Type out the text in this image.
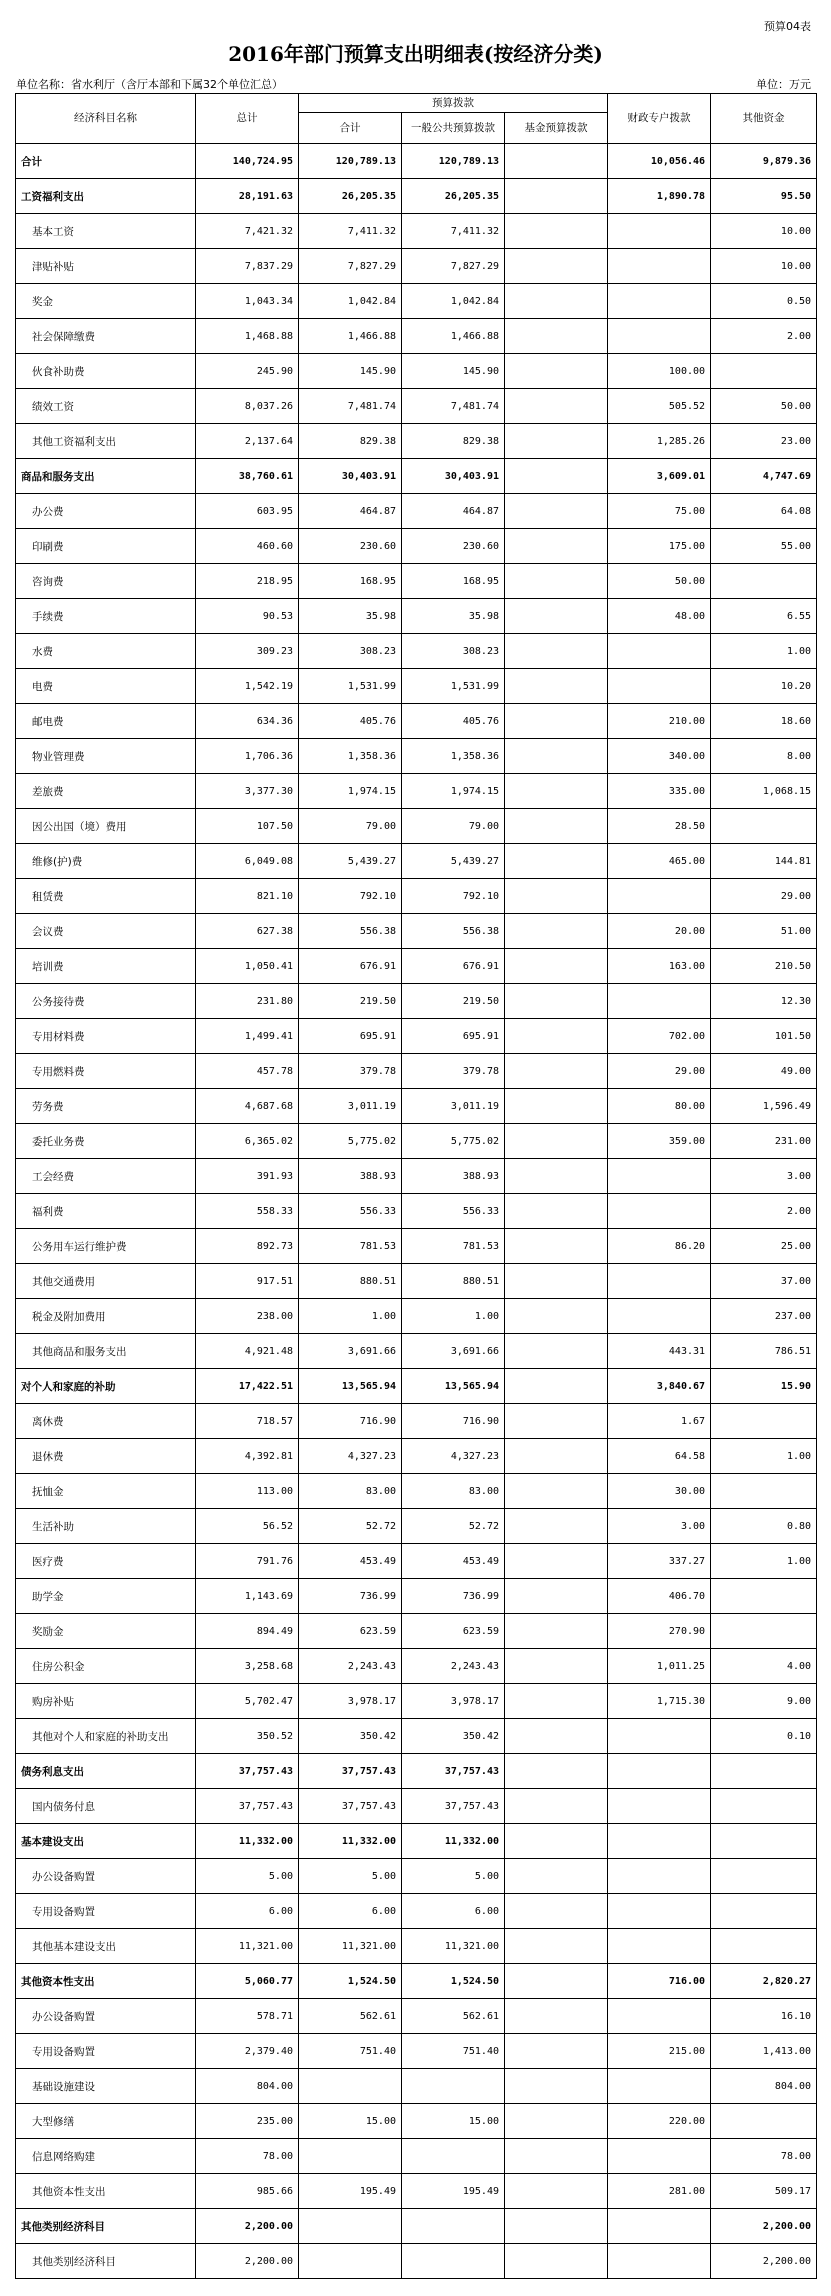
预算04表
2016年部门预算支出明细表(按经济分类)
单位名称：省水利厅（含厅本部和下属32个单位汇总）	单位：万元
经济科目名称	总计	预算拨款			财政专户拨款	其他资金
		合计	一般公共预算拨款	基金预算拨款		
合计	140,724.95	120,789.13	120,789.13		10,056.46	9,879.36
工资福利支出	28,191.63	26,205.35	26,205.35		1,890.78	95.50
基本工资	7,421.32	7,411.32	7,411.32			10.00
津贴补贴	7,837.29	7,827.29	7,827.29			10.00
奖金	1,043.34	1,042.84	1,042.84			0.50
社会保障缴费	1,468.88	1,466.88	1,466.88			2.00
伙食补助费	245.90	145.90	145.90		100.00	
绩效工资	8,037.26	7,481.74	7,481.74		505.52	50.00
其他工资福利支出	2,137.64	829.38	829.38		1,285.26	23.00
商品和服务支出	38,760.61	30,403.91	30,403.91		3,609.01	4,747.69
办公费	603.95	464.87	464.87		75.00	64.08
印刷费	460.60	230.60	230.60		175.00	55.00
咨询费	218.95	168.95	168.95		50.00	
手续费	90.53	35.98	35.98		48.00	6.55
水费	309.23	308.23	308.23			1.00
电费	1,542.19	1,531.99	1,531.99			10.20
邮电费	634.36	405.76	405.76		210.00	18.60
物业管理费	1,706.36	1,358.36	1,358.36		340.00	8.00
差旅费	3,377.30	1,974.15	1,974.15		335.00	1,068.15
因公出国（境）费用	107.50	79.00	79.00		28.50	
维修(护)费	6,049.08	5,439.27	5,439.27		465.00	144.81
租赁费	821.10	792.10	792.10			29.00
会议费	627.38	556.38	556.38		20.00	51.00
培训费	1,050.41	676.91	676.91		163.00	210.50
公务接待费	231.80	219.50	219.50			12.30
专用材料费	1,499.41	695.91	695.91		702.00	101.50
专用燃料费	457.78	379.78	379.78		29.00	49.00
劳务费	4,687.68	3,011.19	3,011.19		80.00	1,596.49
委托业务费	6,365.02	5,775.02	5,775.02		359.00	231.00
工会经费	391.93	388.93	388.93			3.00
福利费	558.33	556.33	556.33			2.00
公务用车运行维护费	892.73	781.53	781.53		86.20	25.00
其他交通费用	917.51	880.51	880.51			37.00
税金及附加费用	238.00	1.00	1.00			237.00
其他商品和服务支出	4,921.48	3,691.66	3,691.66		443.31	786.51
对个人和家庭的补助	17,422.51	13,565.94	13,565.94		3,840.67	15.90
离休费	718.57	716.90	716.90		1.67	
退休费	4,392.81	4,327.23	4,327.23		64.58	1.00
抚恤金	113.00	83.00	83.00		30.00	
生活补助	56.52	52.72	52.72		3.00	0.80
医疗费	791.76	453.49	453.49		337.27	1.00
助学金	1,143.69	736.99	736.99		406.70	
奖励金	894.49	623.59	623.59		270.90	
住房公积金	3,258.68	2,243.43	2,243.43		1,011.25	4.00
购房补贴	5,702.47	3,978.17	3,978.17		1,715.30	9.00
其他对个人和家庭的补助支出	350.52	350.42	350.42			0.10
债务利息支出	37,757.43	37,757.43	37,757.43			
国内债务付息	37,757.43	37,757.43	37,757.43			
基本建设支出	11,332.00	11,332.00	11,332.00			
办公设备购置	5.00	5.00	5.00			
专用设备购置	6.00	6.00	6.00			
其他基本建设支出	11,321.00	11,321.00	11,321.00			
其他资本性支出	5,060.77	1,524.50	1,524.50		716.00	2,820.27
办公设备购置	578.71	562.61	562.61			16.10
专用设备购置	2,379.40	751.40	751.40		215.00	1,413.00
基础设施建设	804.00					804.00
大型修缮	235.00	15.00	15.00		220.00	
信息网络购建	78.00					78.00
其他资本性支出	985.66	195.49	195.49		281.00	509.17
其他类别经济科目	2,200.00					2,200.00
其他类别经济科目	2,200.00					2,200.00
